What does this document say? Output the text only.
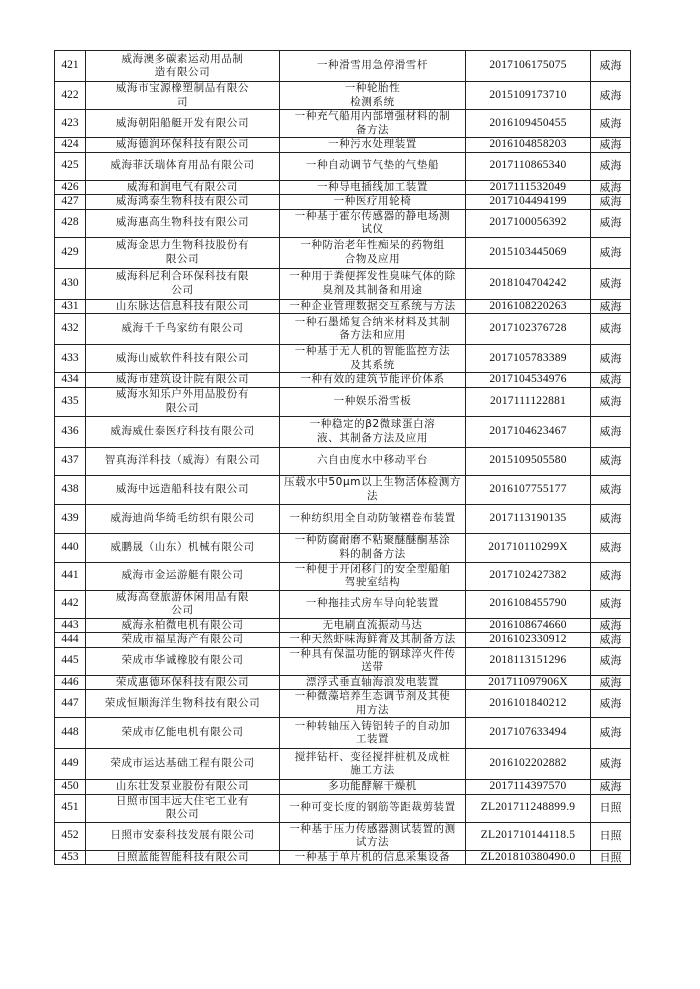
421	威海澳多碳素运动用品制
造有限公司	一种滑雪用急停滑雪杆	2017106175075	威海
422	威海市宝源橡塑制品有限公
司	一种轮胎性
检测系统	2015109173710	威海
423	威海朝阳船艇开发有限公司	一种充气船用内部增强材料的制
备方法	2016109450455	威海
424	威海德润环保科技有限公司	一种污水处理装置	2016104858203	威海
425	威海菲沃瑞体育用品有限公司	一种自动调节气垫的气垫船	2017110865340	威海
426	威海和润电气有限公司	一种导电插线加工装置	2017111532049	威海
427	威海鸿泰生物科技有限公司	一种医疗用轮椅	2017104494199	威海
428	威海惠高生物科技有限公司	一种基于霍尔传感器的静电场测
试仪	2017100056392	威海
429	威海金思力生物科技股份有
限公司	一种防治老年性痴呆的药物组
合物及应用	2015103445069	威海
430	威海科尼利合环保科技有限
公司	一种用于粪便挥发性臭味气体的除
臭剂及其制备和用途	2018104704242	威海
431	山东脉达信息科技有限公司	一种企业管理数据交互系统与方法	2016108220263	威海
432	威海千千鸟家纺有限公司	一种石墨烯复合纳米材料及其制
备方法和应用	2017102376728	威海
433	威海山威软件科技有限公司	一种基于无人机的智能监控方法
及其系统	2017105783389	威海
434	威海市建筑设计院有限公司	一种有效的建筑节能评价体系	2017104534976	威海
435	威海水知乐户外用品股份有
限公司	一种娱乐滑雪板	2017111122881	威海
436	威海威仕泰医疗科技有限公司	一种稳定的β2微球蛋白溶
液、其制备方法及应用	2017104623467	威海
437	智真海洋科技（威海）有限公司	六自由度水中移动平台	2015109505580	威海
438	威海中远造船科技有限公司	压载水中50μm以上生物活体检测方法	2016107755177	威海
439	威海迪尚华绮毛纺织有限公司	一种纺织用全自动防皱褶卷布装置	2017113190135	威海
440	威鹏晟（山东）机械有限公司	一种防腐耐磨不粘聚醚醚酮基涂
料的制备方法	201710110299X	威海
441	威海市金运游艇有限公司	一种便于开闭移门的安全型船舶
驾驶室结构	2017102427382	威海
442	威海高登旅游休闲用品有限
公司	一种拖挂式房车导向轮装置	2016108455790	威海
443	威海永柏微电机有限公司	无电刷直流振动马达	2016108674660	威海
444	荣成市福星海产有限公司	一种天然虾味海鲜膏及其制备方法	2016102330912	威海
445	荣成市华诚橡胶有限公司	一种具有保温功能的钢球淬火件传
送带	2018113151296	威海
446	荣成惠德环保科技有限公司	漂浮式垂直轴海浪发电装置	201711097906X	威海
447	荣成恒顺海洋生物科技有限公司	一种微藻培养生态调节剂及其使
用方法	2016101840212	威海
448	荣成市亿能电机有限公司	一种转轴压入铸铝转子的自动加
工装置	2017107633494	威海
449	荣成市运达基础工程有限公司	搅拌钻杆、变径搅拌桩机及成桩
施工方法	2016102202882	威海
450	山东壮发泵业股份有限公司	多功能酵解干燥机	2017114397570	威海
451	日照市国丰远大住宅工业有
限公司	一种可变长度的钢筋等距裁剪装置	ZL201711248899.9	日照
452	日照市安泰科技发展有限公司	一种基于压力传感器测试装置的测
试方法	ZL201710144118.5	日照
453	日照蓝能智能科技有限公司	一种基于单片机的信息采集设备	ZL201810380490.0	日照
